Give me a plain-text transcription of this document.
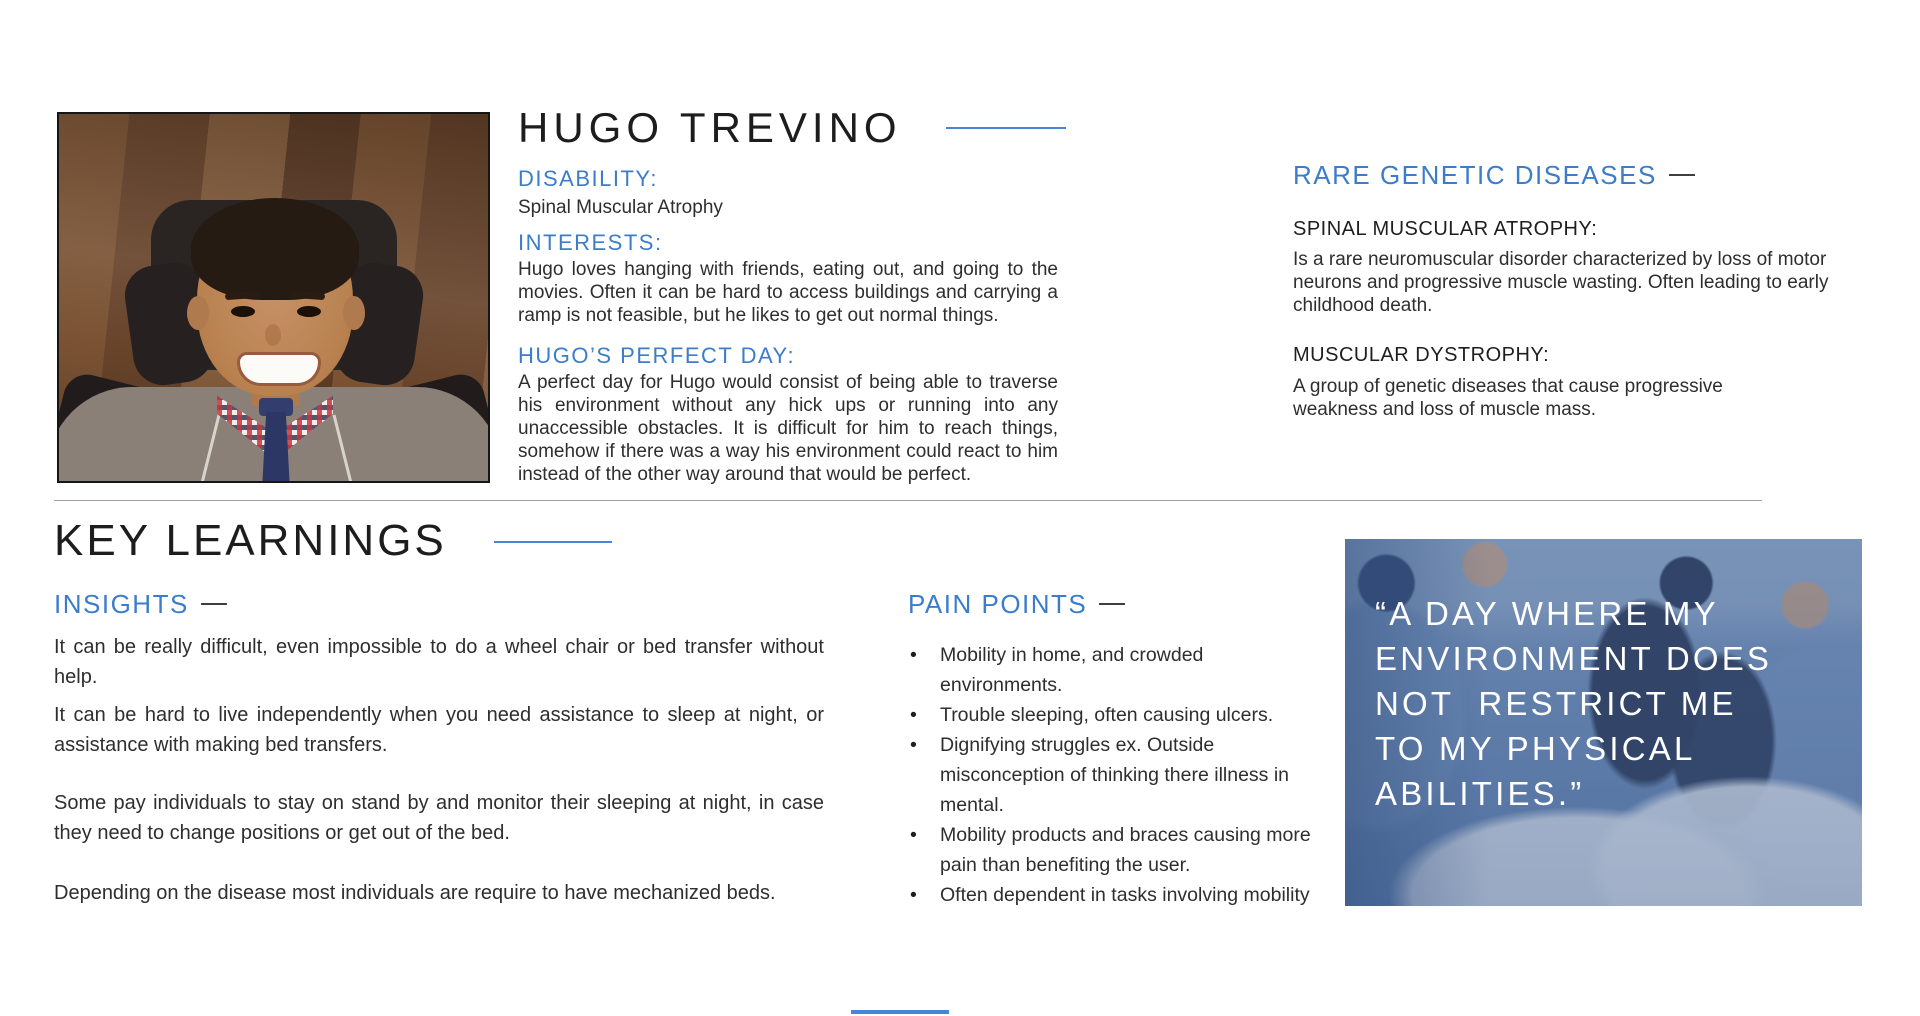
HUGO TREVINO
DISABILITY:
Spinal Muscular Atrophy
INTERESTS:
Hugo loves hanging with friends, eating out, and going to the movies. Often it can be hard to access buildings and carrying a ramp is not feasible, but he likes to get out normal things.
HUGO’S PERFECT DAY:
A perfect day for Hugo would consist of being able to traverse his environment without any hick ups or running into any unaccessible obstacles. It is difficult for him to reach things, somehow if there was a way his environment could react to him instead of the other way around that would be perfect.
RARE GENETIC DISEASES
SPINAL MUSCULAR ATROPHY:
Is a rare neuromuscular disorder characterized by loss of motor neurons and progressive muscle wasting. Often leading to early childhood death.
MUSCULAR DYSTROPHY:
A group of genetic diseases that cause progressive weakness and loss of muscle mass.
KEY LEARNINGS
INSIGHTS

It can be really difficult, even impossible to do a wheel chair or bed transfer without help.

It can be hard to live independently when you need assistance to sleep at night, or assistance with making bed transfers.

Some pay individuals to stay on stand by and monitor their sleeping at night, in case they need to change positions or get out of the bed.

Depending on the disease most individuals are require to have mechanized beds.

PAIN POINTS
• Mobility in home, and crowded environments.
• Trouble sleeping, often causing ulcers.
• Dignifying struggles ex. Outside misconception of thinking there illness in mental.
• Mobility products and braces causing more pain than benefiting the user.
• Often dependent in tasks involving mobility
“A DAY WHERE MY
ENVIRONMENT DOES
NOT  RESTRICT ME
TO MY PHYSICAL
ABILITIES.”
